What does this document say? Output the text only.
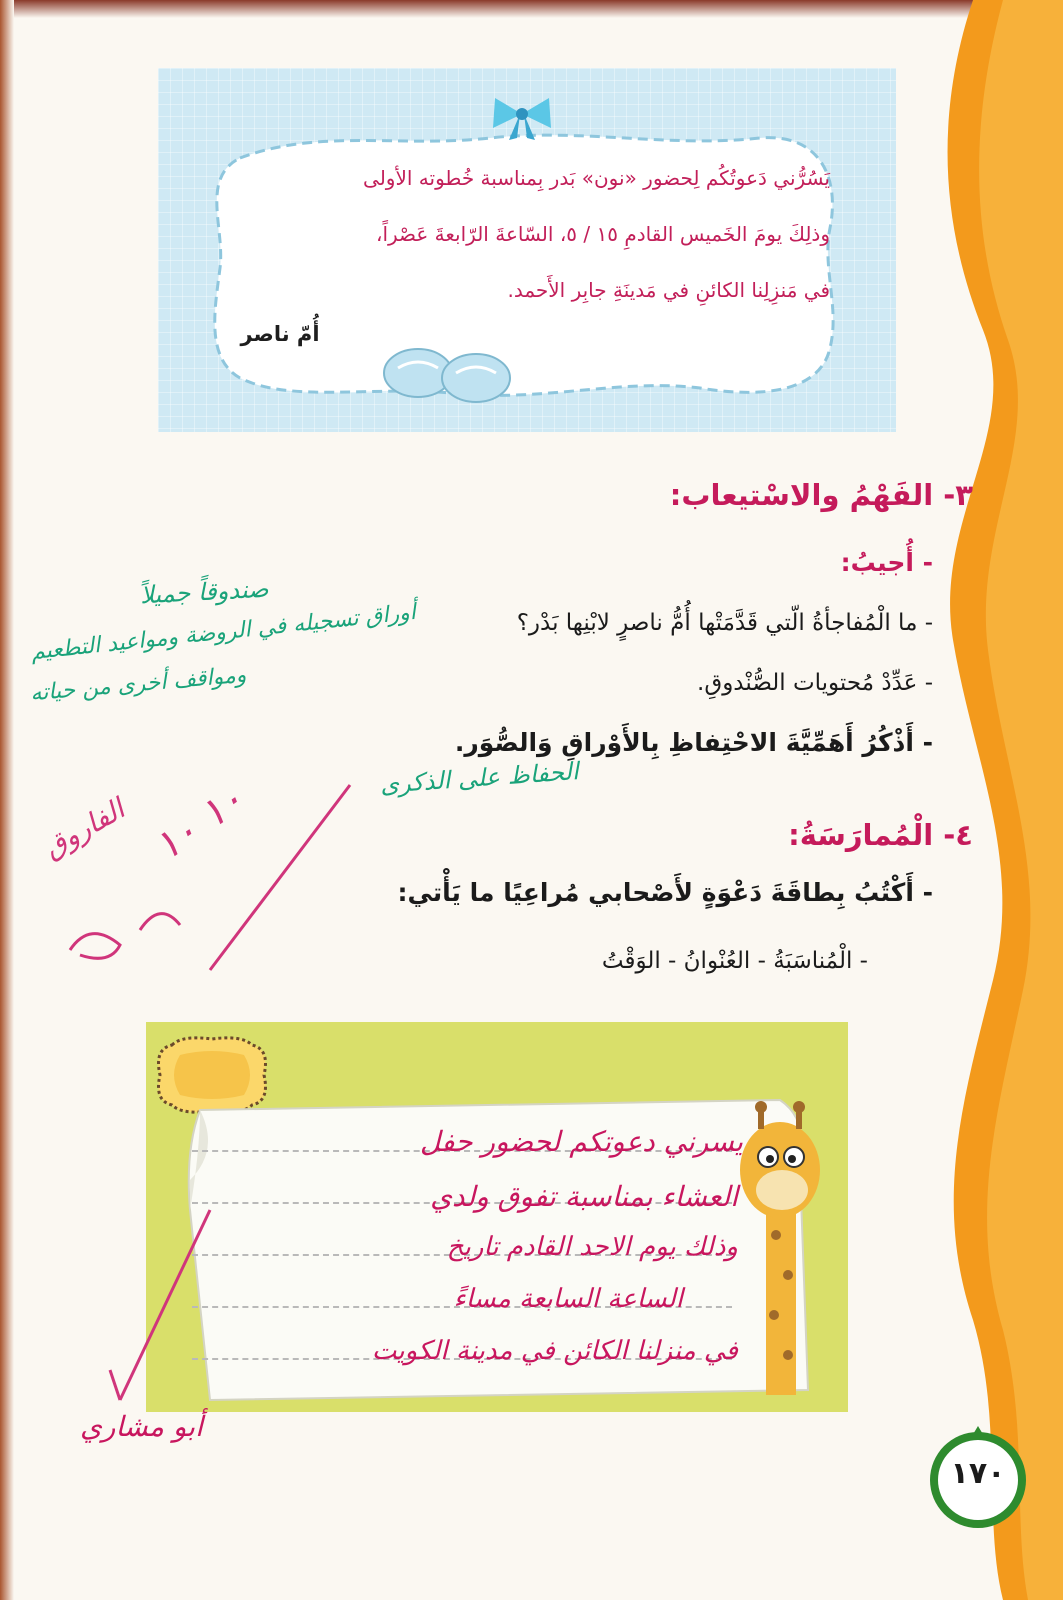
يَسُرُّني دَعوتُكُم لِحضور «نون» بَدر بِمناسبة خُطوته الأولى
وذلِكَ يومَ الخَميس القادمِ ١٥ / ٥، السّاعةَ الرّابعةَ عَصْراً،
في مَنزِلِنا الكائنِ في مَدينَةِ جابِر الأَحمد.
أُمّ ناصر
٣- الفَهْمُ والاسْتيعاب:
- أُجيبُ:
- ما الْمُفاجأةُ الّتي قَدَّمَتْها أُمُّ ناصرٍ لابْنِها بَدْر؟
- عَدِّدْ مُحتويات الصُّنْدوقِ.
- أَذْكُرُ أَهَمِّيَّةَ الاحْتِفاظِ بِالأَوْراقِ وَالصُّوَر.
صندوقاً جميلاً
أوراق تسجيله في الروضة ومواعيد التطعيم
ومواقف أخرى من حياته
الحفاظ على الذكرى
الفاروق ١٠ ١٠	٤- الْمُمارَسَةُ:
- أَكْتُبُ بِطاقَةَ دَعْوَةٍ لأَصْحابي مُراعِيًا ما يَأْتي:
- الْمُناسَبَةُ - العُنْوانُ - الوَقْتُ
يسرني دعوتكم لحضور حفل
العشاء بمناسبة تفوق ولدي
وذلك يوم الاحد القادم تاريخ
الساعة السابعة مساءً
في منزلنا الكائن في مدينة الكويت
أبو مشاري
١٧٠
